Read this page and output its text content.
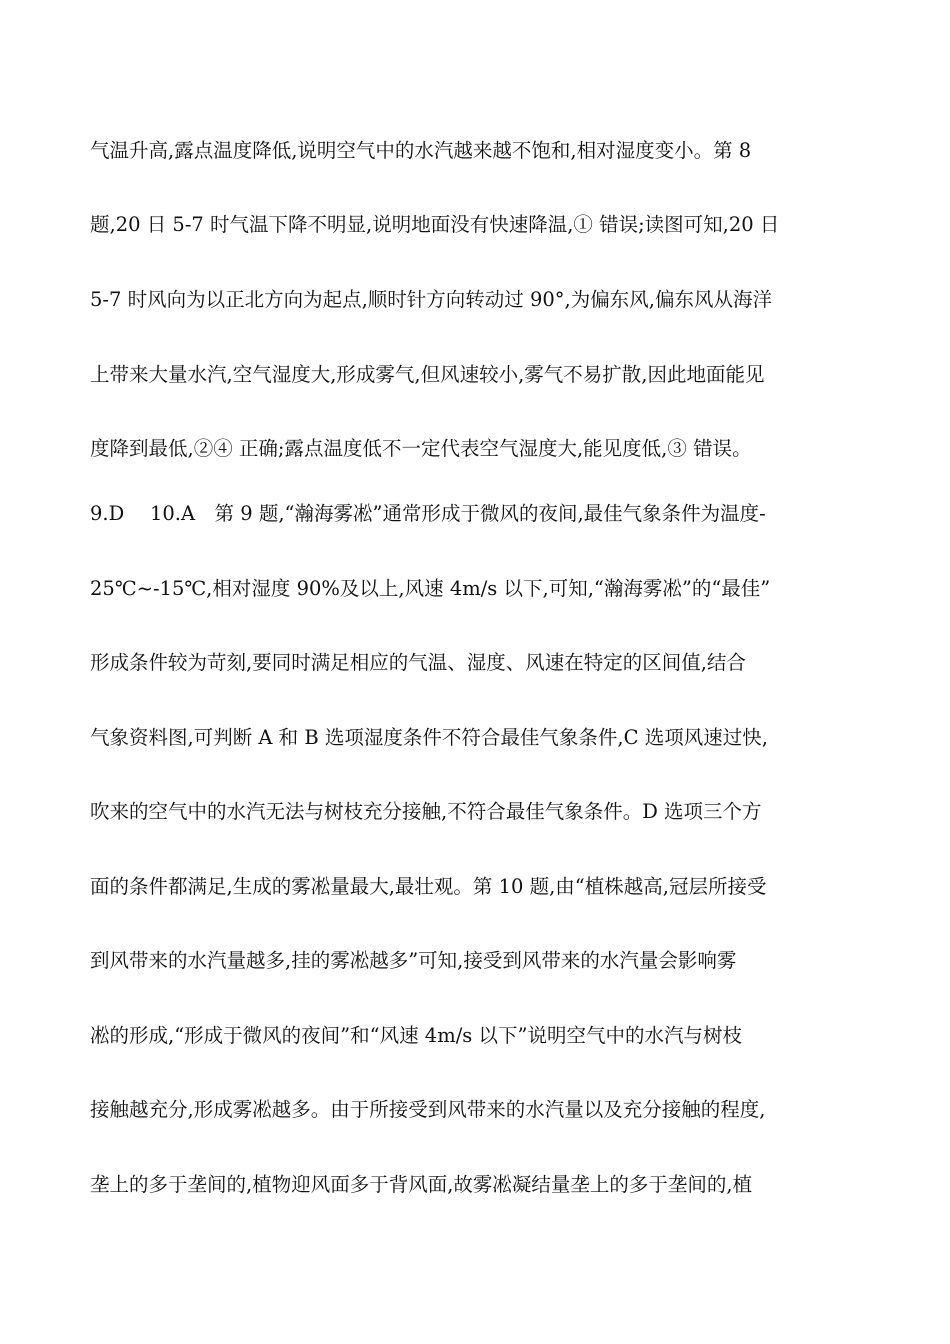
气温升高,露点温度降低,说明空气中的水汽越来越不饱和,相对湿度变小。第 8
题,20 日 5-7 时气温下降不明显,说明地面没有快速降温,① 错误;读图可知,20 日
5-7 时风向为以正北方向为起点,顺时针方向转动过 90°,为偏东风,偏东风从海洋
上带来大量水汽,空气湿度大,形成雾气,但风速较小,雾气不易扩散,因此地面能见
度降到最低,②④ 正确;露点温度低不一定代表空气湿度大,能见度低,③ 错误。
9.D　 10.A　第 9 题,“瀚海雾凇”通常形成于微风的夜间,最佳气象条件为温度-
25℃~-15℃,相对湿度 90%及以上,风速 4m/s 以下,可知,“瀚海雾凇”的“最佳”
形成条件较为苛刻,要同时满足相应的气温、湿度、风速在特定的区间值,结合
气象资料图,可判断 A 和 B 选项湿度条件不符合最佳气象条件,C 选项风速过快,
吹来的空气中的水汽无法与树枝充分接触,不符合最佳气象条件。D 选项三个方
面的条件都满足,生成的雾凇量最大,最壮观。第 10 题,由“植株越高,冠层所接受
到风带来的水汽量越多,挂的雾凇越多”可知,接受到风带来的水汽量会影响雾
凇的形成,“形成于微风的夜间”和“风速 4m/s 以下”说明空气中的水汽与树枝
接触越充分,形成雾凇越多。由于所接受到风带来的水汽量以及充分接触的程度,
垄上的多于垄间的,植物迎风面多于背风面,故雾凇凝结量垄上的多于垄间的,植
